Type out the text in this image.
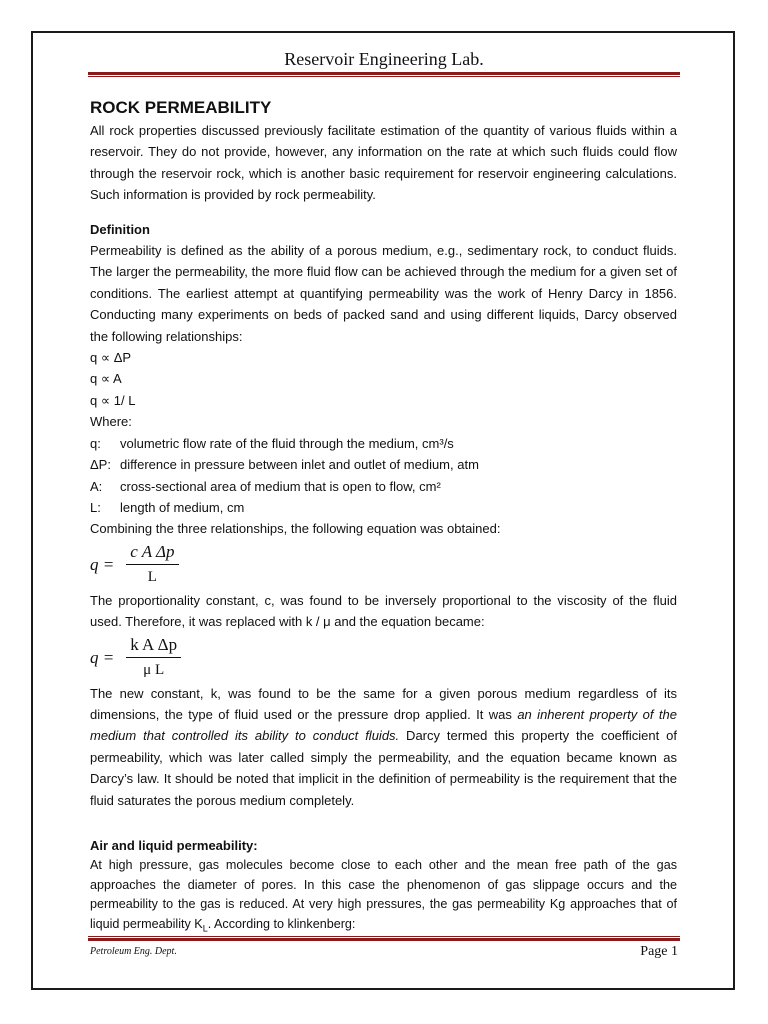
Reservoir Engineering Lab.
ROCK PERMEABILITY

All rock properties discussed previously facilitate estimation of the quantity of various fluids within a reservoir. They do not provide, however, any information on the rate at which such fluids could flow through the reservoir rock, which is another basic requirement for reservoir engineering calculations. Such information is provided by rock permeability.

Definition

Permeability is defined as the ability of a porous medium, e.g., sedimentary rock, to conduct fluids. The larger the permeability, the more fluid flow can be achieved through the medium for a given set of conditions. The earliest attempt at quantifying permeability was the work of Henry Darcy in 1856. Conducting many experiments on beds of packed sand and using different liquids, Darcy observed the following relationships:

q ∝ ΔP
q ∝ A
q ∝ 1/ L
Where:
q: volumetric flow rate of the fluid through the medium, cm³/s
ΔP: difference in pressure between inlet and outlet of medium, atm
A: cross-sectional area of medium that is open to flow, cm²
L: length of medium, cm
Combining the three relationships, the following equation was obtained:
$q = \frac{\text{c A Δp}}{L}$

The proportionality constant, c, was found to be inversely proportional to the viscosity of the fluid used. Therefore, it was replaced with k / μ and the equation became:

$q = \frac{\text{k A Δp}}{\text{μ L}}$

The new constant, k, was found to be the same for a given porous medium regardless of its dimensions, the type of fluid used or the pressure drop applied. It was an inherent property of the medium that controlled its ability to conduct fluids. Darcy termed this property the coefficient of permeability, which was later called simply the permeability, and the equation became known as Darcy’s law. It should be noted that implicit in the definition of permeability is the requirement that the fluid saturates the porous medium completely.

Air and liquid permeability:

At high pressure, gas molecules become close to each other and the mean free path of the gas approaches the diameter of pores. In this case the phenomenon of gas slippage occurs and the permeability to the gas is reduced. At very high pressures, the gas permeability Kg approaches that of liquid permeability $K_L$. According to klinkenberg:

Petroleum Eng. Dept.	Page 1
